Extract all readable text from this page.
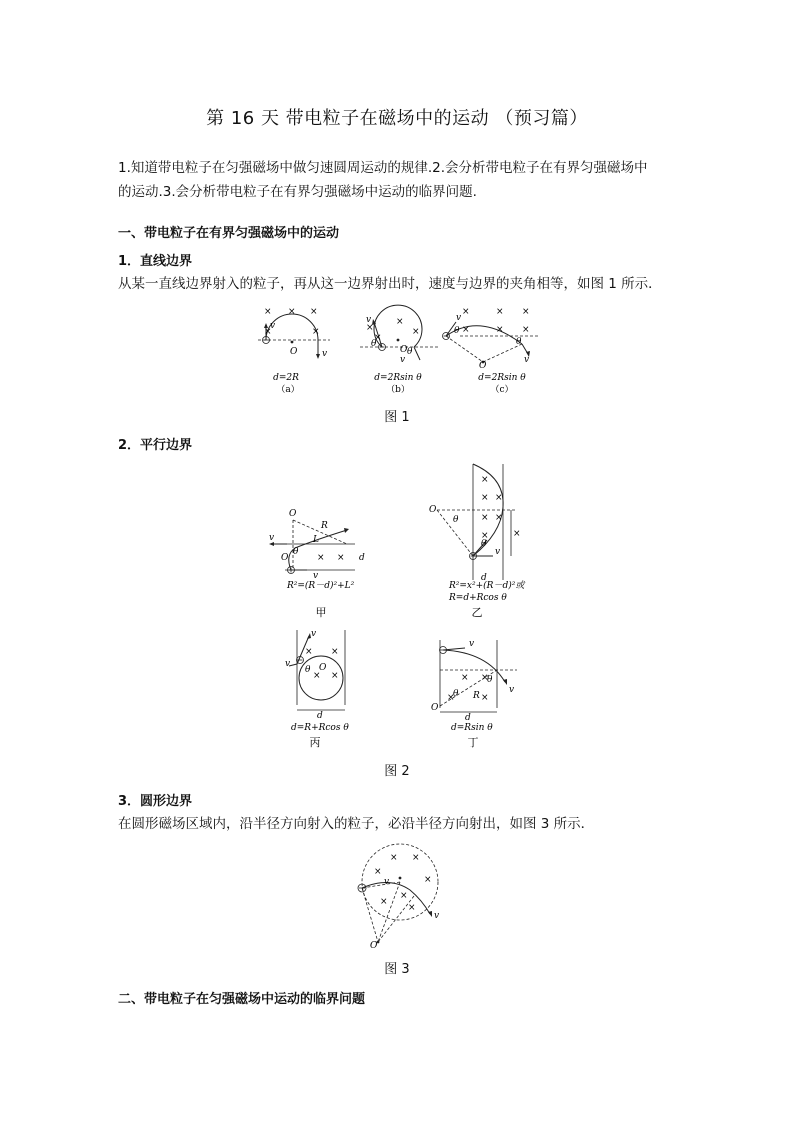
第 16 天 带电粒子在磁场中的运动 （预习篇）
1.知道带电粒子在匀强磁场中做匀速圆周运动的规律.2.会分析带电粒子在有界匀强磁场中
的运动.3.会分析带电粒子在有界匀强磁场中运动的临界问题.
一、带电粒子在有界匀强磁场中的运动
1．直线边界
从某一直线边界射入的粒子，再从这一边界射出时，速度与边界的夹角相等，如图 1 所示．
× × ×
×	×
O
v
v
d=2R
（a）
×
×
×
×
θ
θ
O
v
v
d=2Rsin θ
（b）
×	× ×
×	× ×
θ
θ
O
v
v
d=2Rsin θ
（c）
图 1
2．平行边界
O
O
R
L
d
v
v
θ
× ×
R²=(R－d)²+L²
甲
O
θ
θ
×
d
v
×
× ×
× ×
×
R²=x²+(R－d)²或
R=d+Rcos θ
乙
O
θ
d
v
v
× ×
× ×
d=R+Rcos θ
丙
O
θ
θ
R
d
v
v
× ×
×	×
d=Rsin θ
丁
图 2
3．圆形边界
在圆形磁场区域内，沿半径方向射入的粒子，必沿半径方向射出，如图 3 所示．
O
v
v
× ×
×
×
×
×
×
图 3
二、带电粒子在匀强磁场中运动的临界问题
